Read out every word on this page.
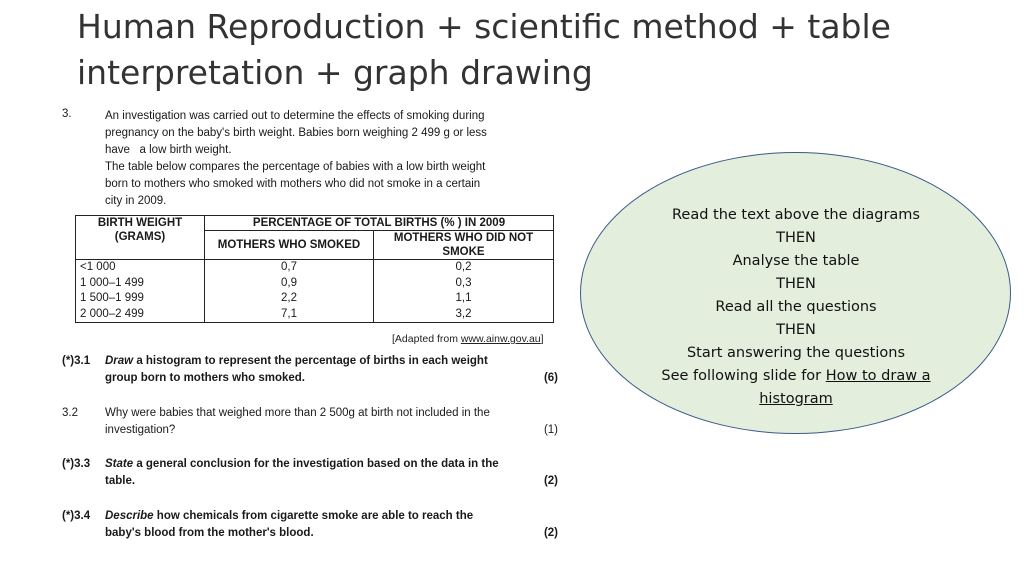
Human Reproduction + scientific method + table
interpretation + graph drawing
3.	An investigation was carried out to determine the effects of smoking during

pregnancy on the baby's birth weight. Babies born weighing 2 499 g or less

have   a low birth weight.

The table below compares the percentage of babies with a low birth weight

born to mothers who smoked with mothers who did not smoke in a certain

city in 2009.

BIRTH WEIGHT (GRAMS)	PERCENTAGE OF TOTAL BIRTHS (% ) IN 2009	
	MOTHERS WHO SMOKED	MOTHERS WHO DID NOT SMOKE
<1 000	0,7	0,2
1 000–1 499	0,9	0,3
1 500–1 999	2,2	1,1
2 000–2 499	7,1	3,2
[Adapted from www.ainw.gov.au]
(*)3.1 Draw a histogram to represent the percentage of births in each weight group born to mothers who smoked.	(6)
3.2 Why were babies that weighed more than 2 500g at birth not included in the investigation?	(1)
(*)3.3 State a general conclusion for the investigation based on the data in the table.	(2)
(*)3.4 Describe how chemicals from cigarette smoke are able to reach the baby's blood from the mother's blood.	(2)
Read the text above the diagrams
THEN
Analyse the table
THEN
Read all the questions
THEN
Start answering the questions
See following slide for How to draw a
histogram
